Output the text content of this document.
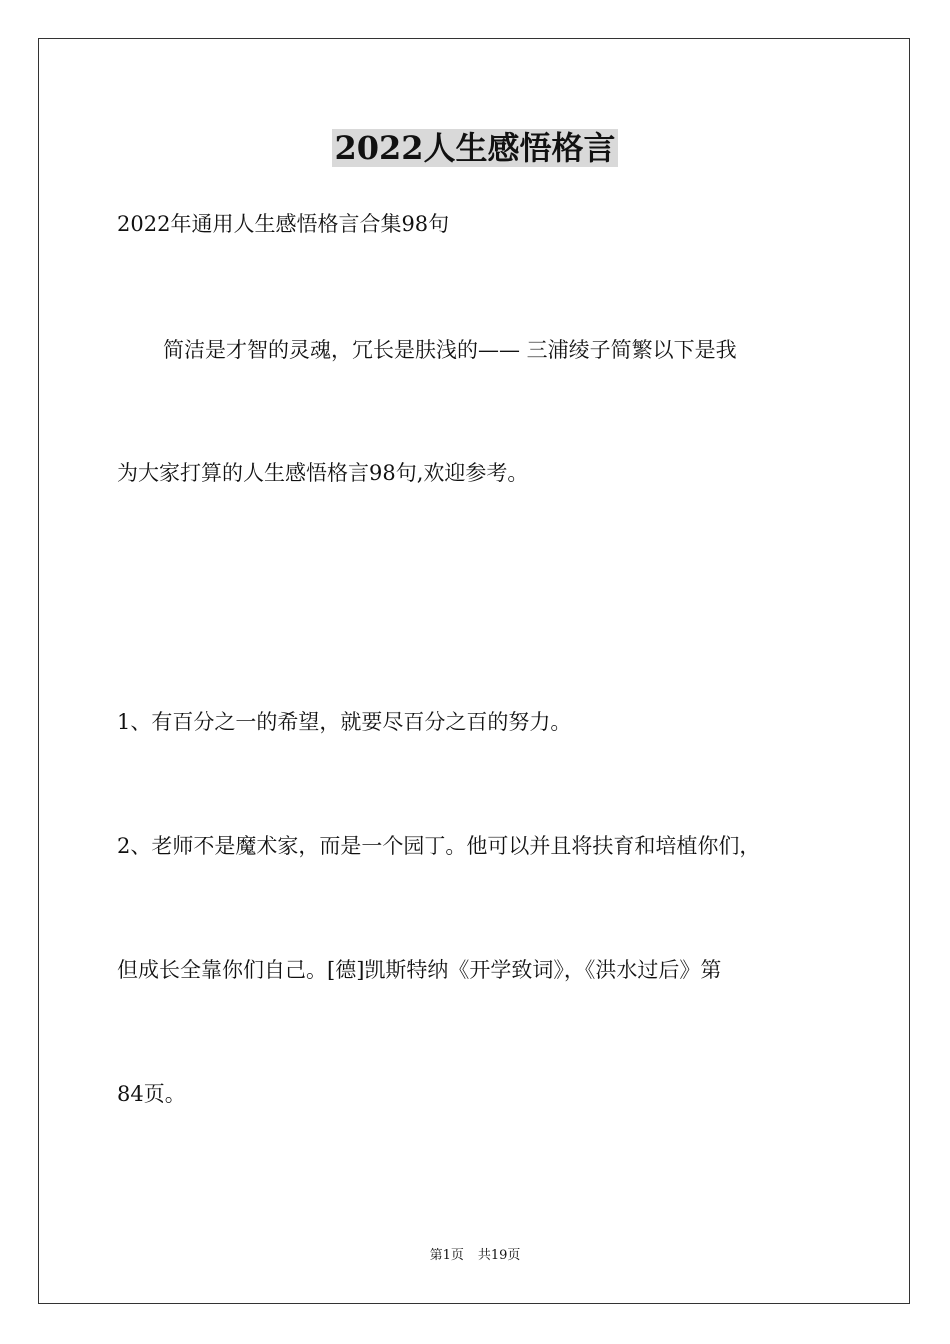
2022人生感悟格言

2022年通用人生感悟格言合集98句

简洁是才智的灵魂，冗长是肤浅的—— 三浦绫子简繁以下是我

为大家打算的人生感悟格言98句,欢迎参考。

1、有百分之一的希望，就要尽百分之百的努力。

2、老师不是魔术家，而是一个园丁。他可以并且将扶育和培植你们，

但成长全靠你们自己。[德]凯斯特纳《开学致词》，《洪水过后》第

84页。

第1页 共19页
